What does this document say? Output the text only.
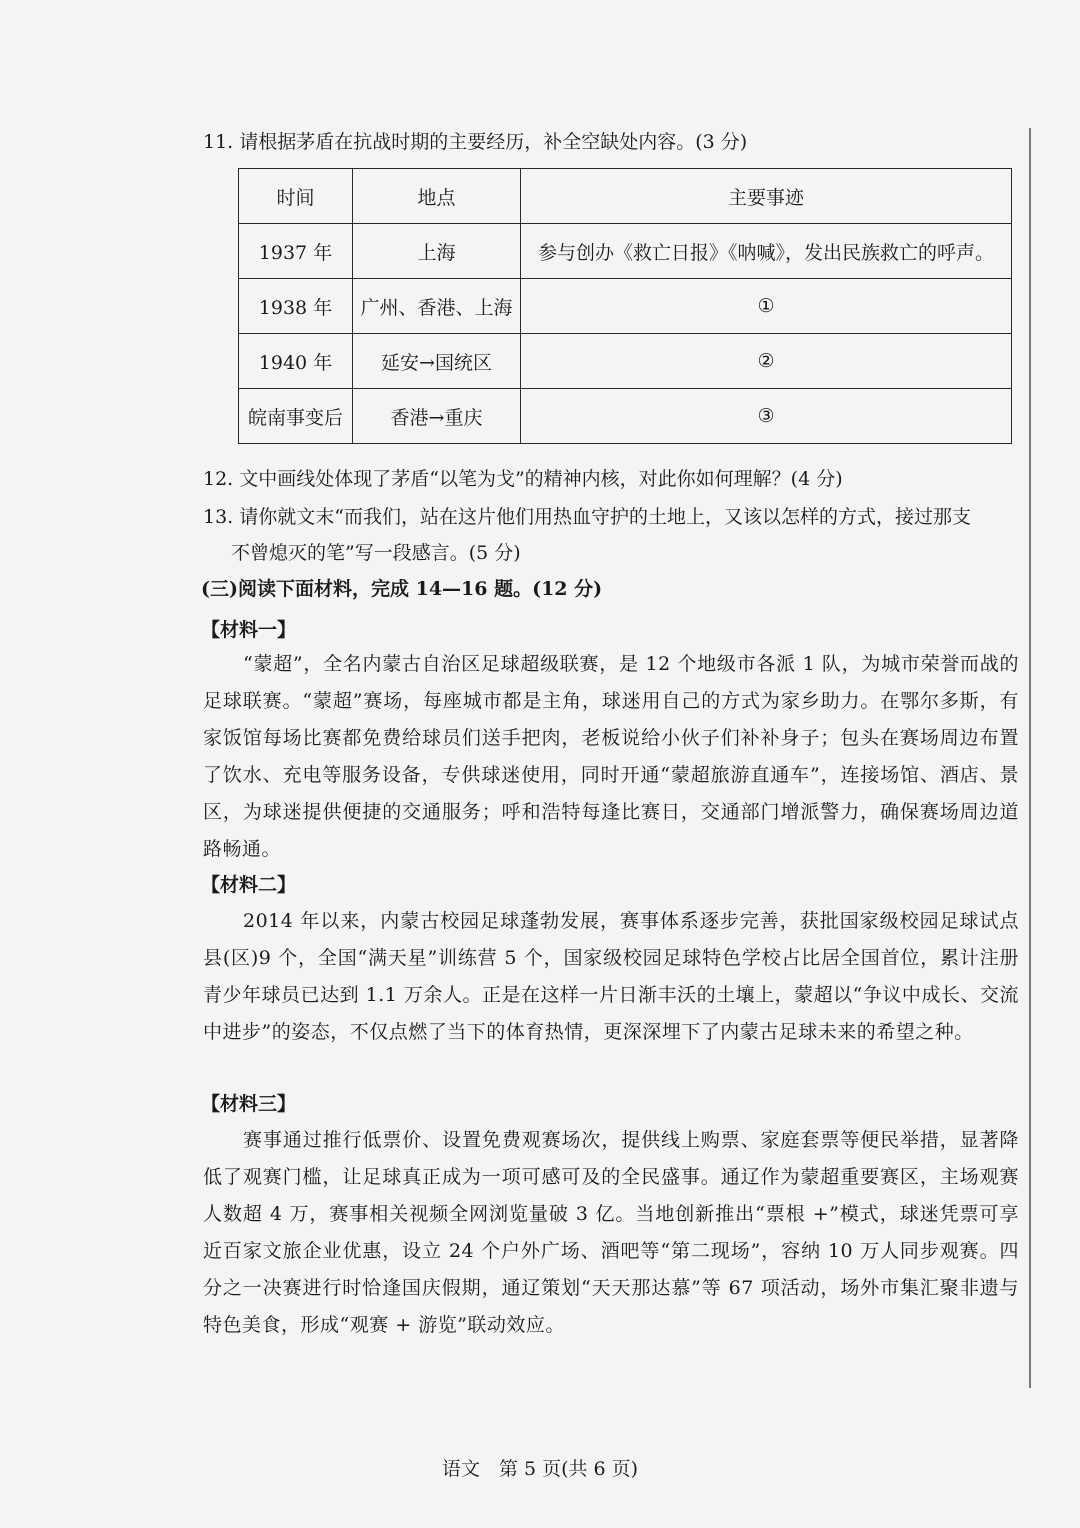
11. 请根据茅盾在抗战时期的主要经历，补全空缺处内容。(3 分)
时间	地点	主要事迹
1937 年	上海	参与创办《救亡日报》《呐喊》，发出民族救亡的呼声。
1938 年	广州、香港、上海	①
1940 年	延安→国统区	②
皖南事变后	香港→重庆	③
12. 文中画线处体现了茅盾“以笔为戈”的精神内核，对此你如何理解？(4 分)
13. 请你就文末“而我们，站在这片他们用热血守护的土地上，又该以怎样的方式，接过那支
不曾熄灭的笔”写一段感言。(5 分)
(三)阅读下面材料，完成 14—16 题。(12 分)
【材料一】
“蒙超”，全名内蒙古自治区足球超级联赛，是 12 个地级市各派 1 队，为城市荣誉而战的足球联赛。“蒙超”赛场，每座城市都是主角，球迷用自己的方式为家乡助力。在鄂尔多斯，有家饭馆每场比赛都免费给球员们送手把肉，老板说给小伙子们补补身子；包头在赛场周边布置了饮水、充电等服务设备，专供球迷使用，同时开通“蒙超旅游直通车”，连接场馆、酒店、景区，为球迷提供便捷的交通服务；呼和浩特每逢比赛日，交通部门增派警力，确保赛场周边道路畅通。
【材料二】
2014 年以来，内蒙古校园足球蓬勃发展，赛事体系逐步完善，获批国家级校园足球试点县(区)9 个，全国“满天星”训练营 5 个，国家级校园足球特色学校占比居全国首位，累计注册青少年球员已达到 1.1 万余人。正是在这样一片日渐丰沃的土壤上，蒙超以“争议中成长、交流中进步”的姿态，不仅点燃了当下的体育热情，更深深埋下了内蒙古足球未来的希望之种。
【材料三】
赛事通过推行低票价、设置免费观赛场次，提供线上购票、家庭套票等便民举措，显著降低了观赛门槛，让足球真正成为一项可感可及的全民盛事。通辽作为蒙超重要赛区，主场观赛人数超 4 万，赛事相关视频全网浏览量破 3 亿。当地创新推出“票根 +”模式，球迷凭票可享近百家文旅企业优惠，设立 24 个户外广场、酒吧等“第二现场”，容纳 10 万人同步观赛。四分之一决赛进行时恰逢国庆假期，通辽策划“天天那达慕”等 67 项活动，场外市集汇聚非遗与特色美食，形成“观赛 + 游览”联动效应。
语文　第 5 页(共 6 页)
